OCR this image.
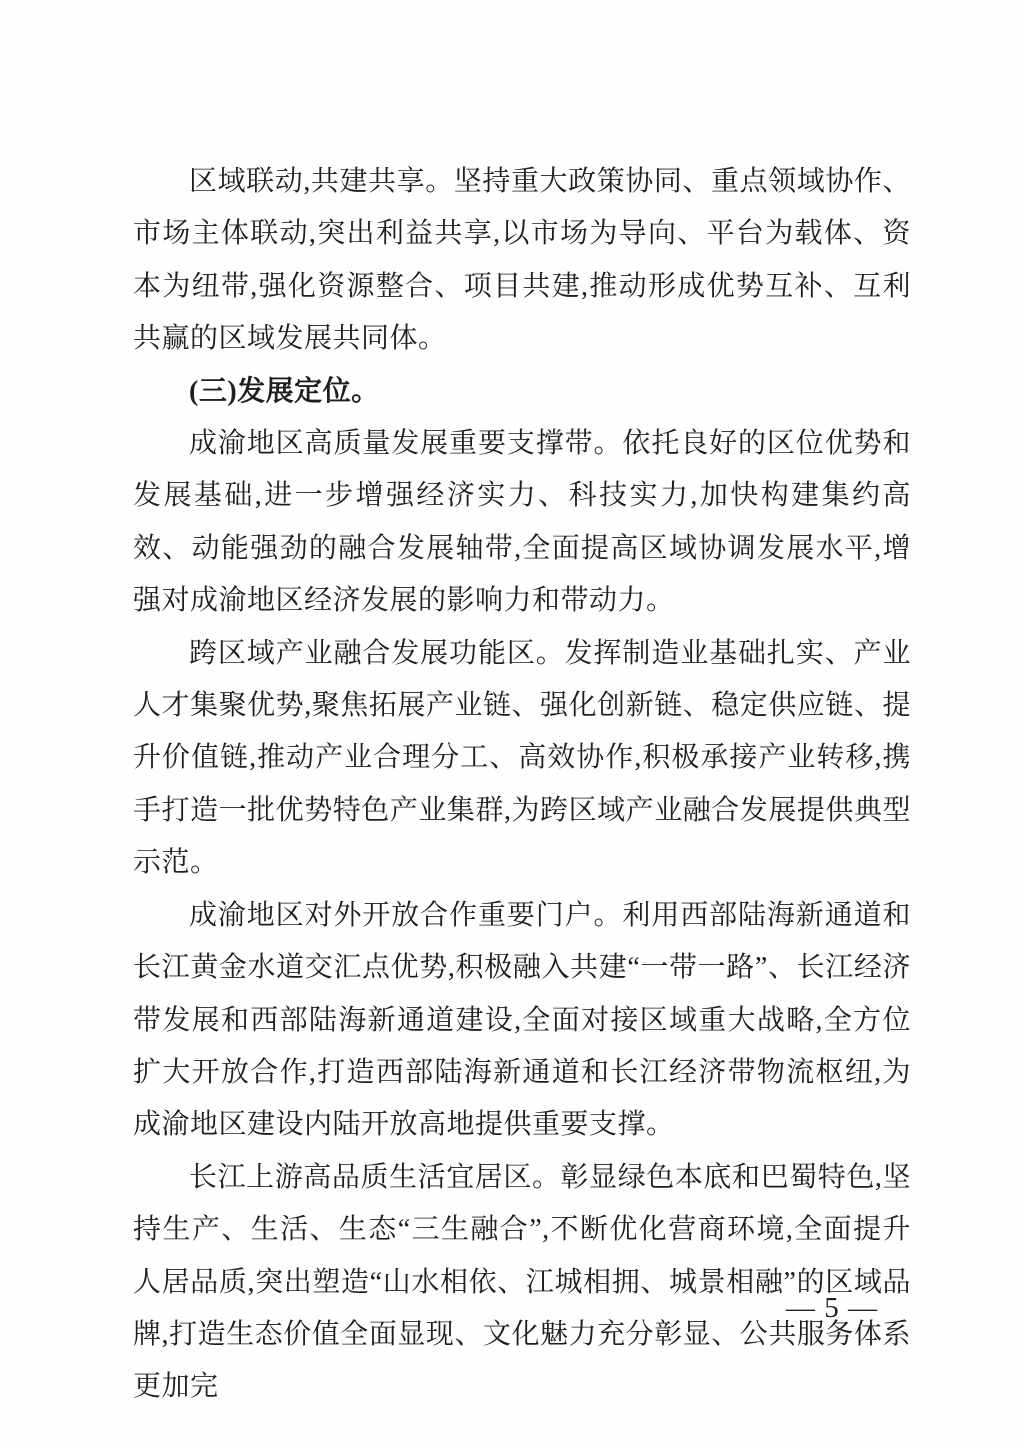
区域联动,共建共享。坚持重大政策协同、重点领域协作、市场主体联动,突出利益共享,以市场为导向、平台为载体、资本为纽带,强化资源整合、项目共建,推动形成优势互补、互利共赢的区域发展共同体。

(三)发展定位。

成渝地区高质量发展重要支撑带。依托良好的区位优势和发展基础,进一步增强经济实力、科技实力,加快构建集约高效、动能强劲的融合发展轴带,全面提高区域协调发展水平,增强对成渝地区经济发展的影响力和带动力。

跨区域产业融合发展功能区。发挥制造业基础扎实、产业人才集聚优势,聚焦拓展产业链、强化创新链、稳定供应链、提升价值链,推动产业合理分工、高效协作,积极承接产业转移,携手打造一批优势特色产业集群,为跨区域产业融合发展提供典型示范。

成渝地区对外开放合作重要门户。利用西部陆海新通道和长江黄金水道交汇点优势,积极融入共建“一带一路”、长江经济带发展和西部陆海新通道建设,全面对接区域重大战略,全方位扩大开放合作,打造西部陆海新通道和长江经济带物流枢纽,为成渝地区建设内陆开放高地提供重要支撑。

长江上游高品质生活宜居区。彰显绿色本底和巴蜀特色,坚持生产、生活、生态“三生融合”,不断优化营商环境,全面提升人居品质,突出塑造“山水相依、江城相拥、城景相融”的区域品牌,打造生态价值全面显现、文化魅力充分彰显、公共服务体系更加完

— 5 —
